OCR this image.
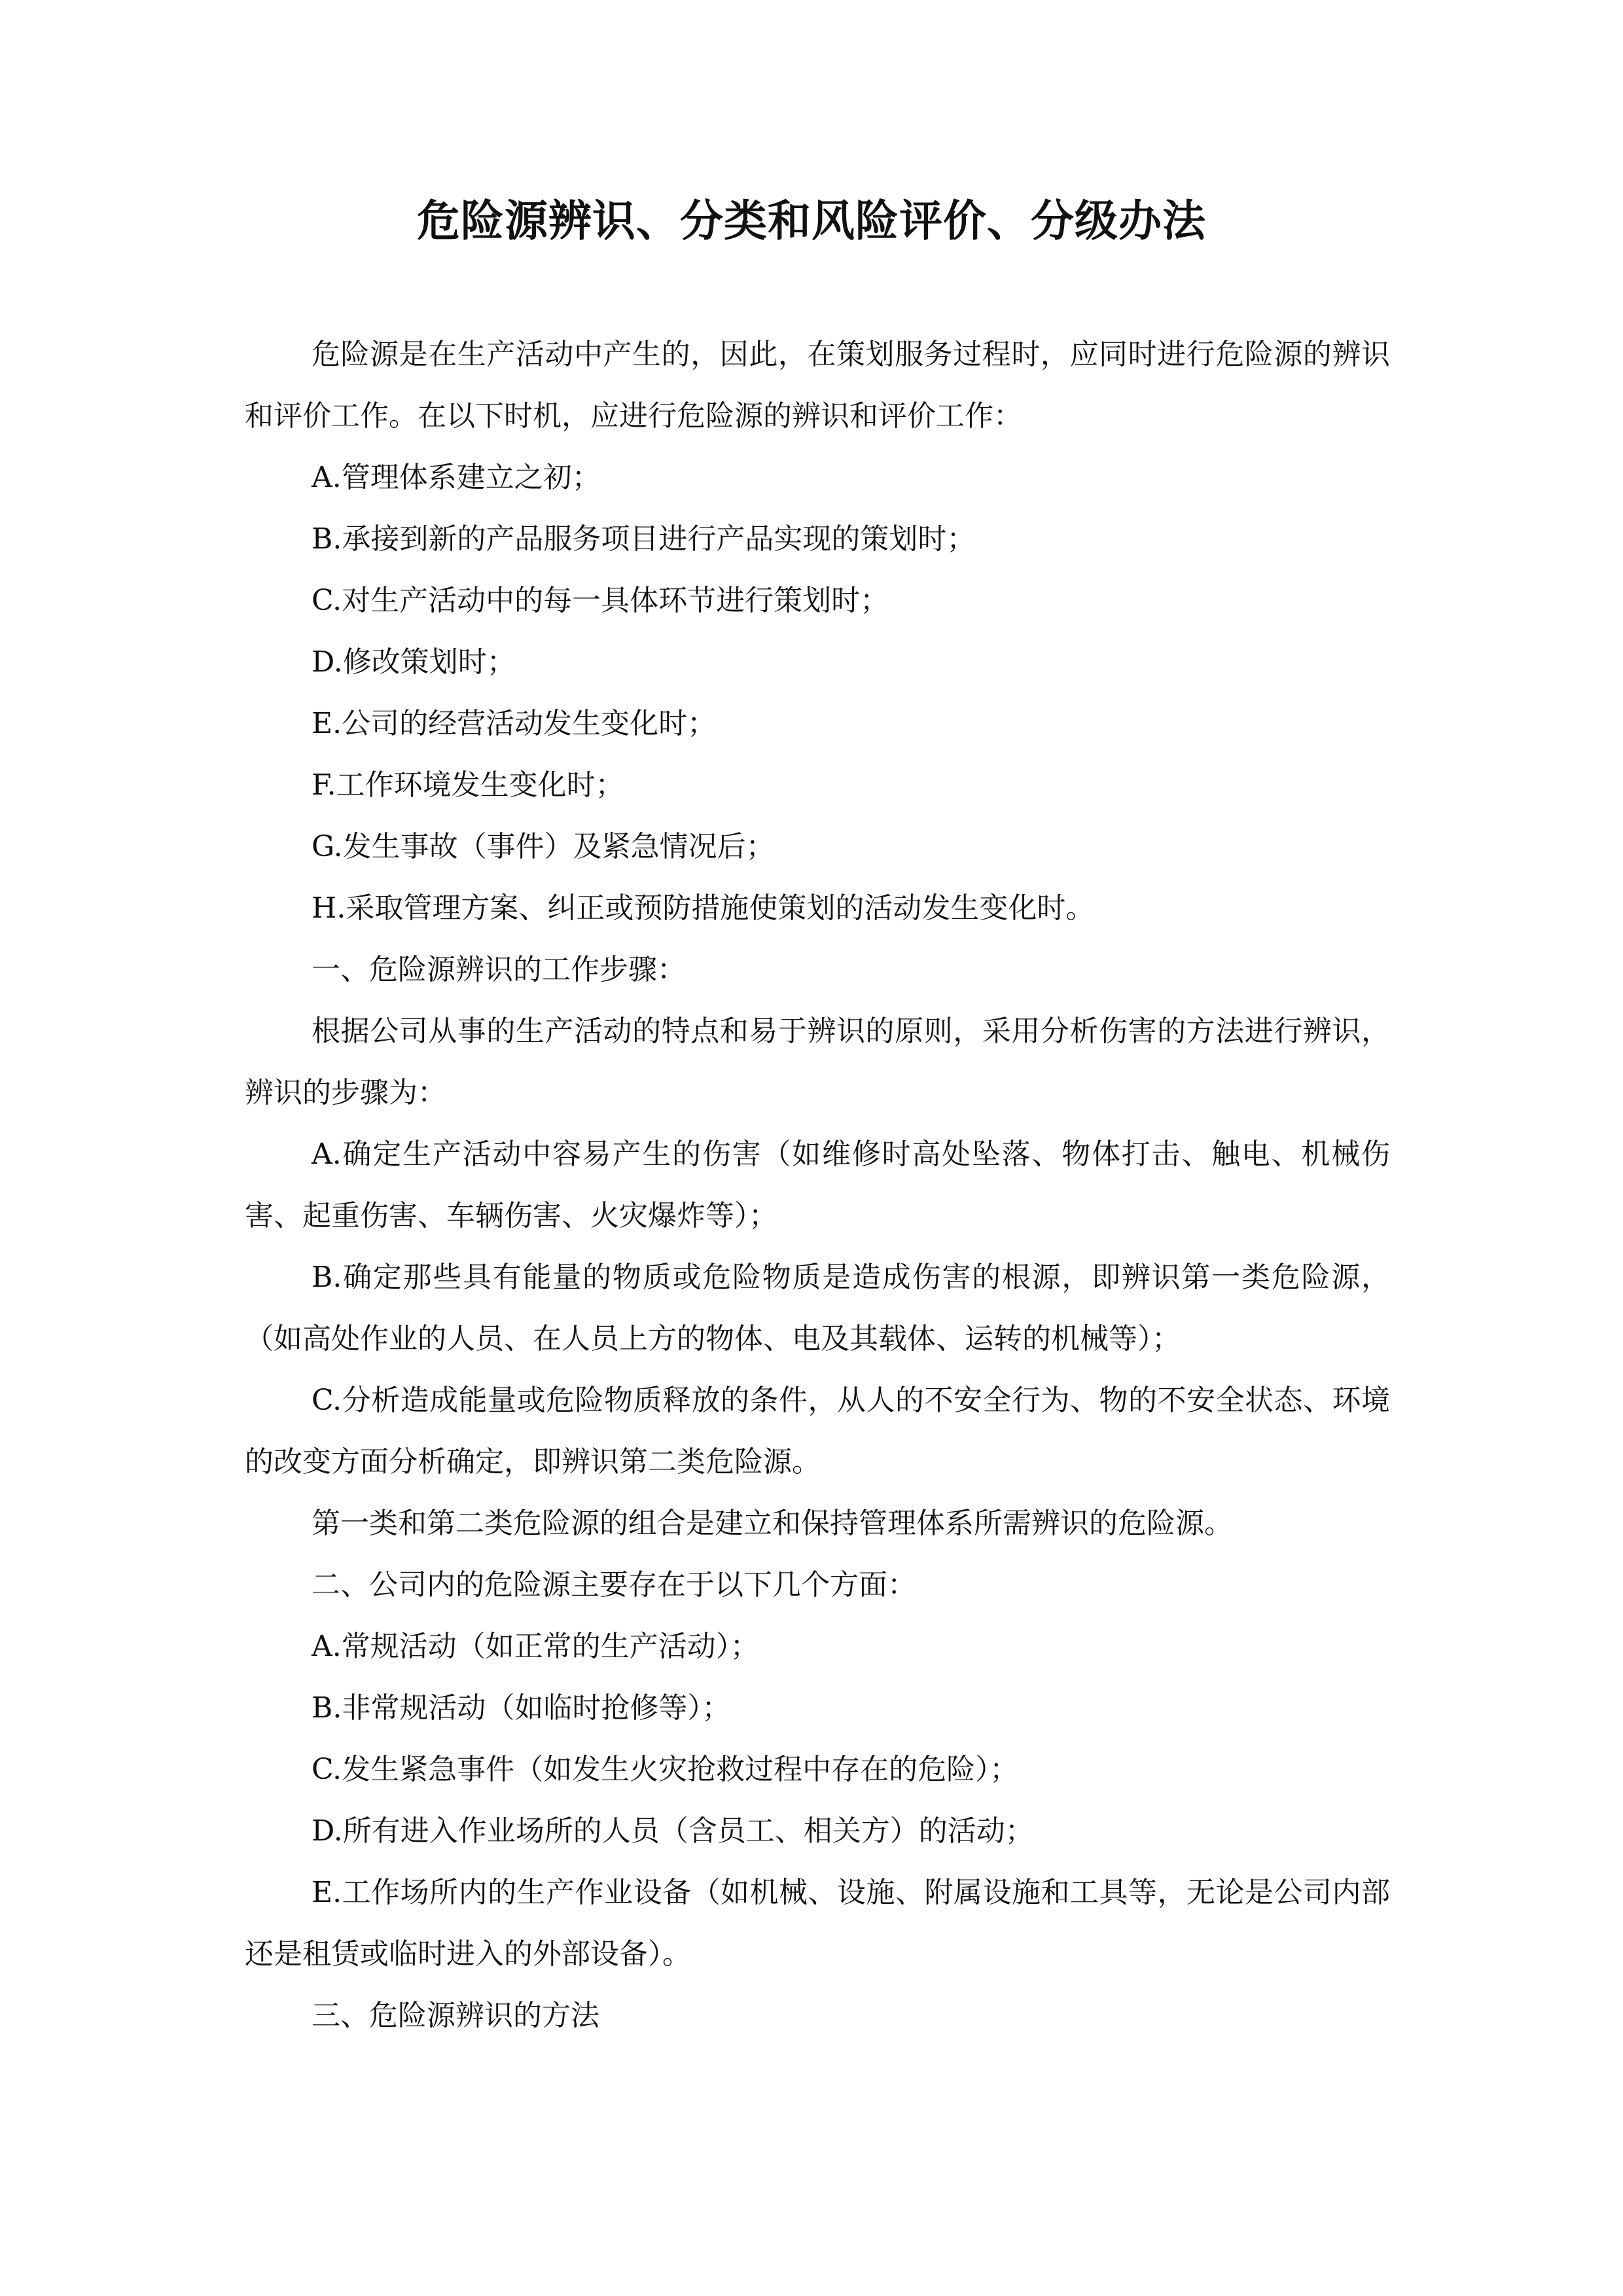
危险源辨识、分类和风险评价、分级办法

危险源是在生产活动中产生的，因此，在策划服务过程时，应同时进行危险源的辨识和评价工作。在以下时机，应进行危险源的辨识和评价工作：

A.管理体系建立之初；

B.承接到新的产品服务项目进行产品实现的策划时；

C.对生产活动中的每一具体环节进行策划时；

D.修改策划时；

E.公司的经营活动发生变化时；

F.工作环境发生变化时；

G.发生事故（事件）及紧急情况后；

H.采取管理方案、纠正或预防措施使策划的活动发生变化时。

一、危险源辨识的工作步骤：

根据公司从事的生产活动的特点和易于辨识的原则，采用分析伤害的方法进行辨识，辨识的步骤为：

A.确定生产活动中容易产生的伤害（如维修时高处坠落、物体打击、触电、机械伤害、起重伤害、车辆伤害、火灾爆炸等）；

B.确定那些具有能量的物质或危险物质是造成伤害的根源，即辨识第一类危险源，（如高处作业的人员、在人员上方的物体、电及其载体、运转的机械等）；

C.分析造成能量或危险物质释放的条件，从人的不安全行为、物的不安全状态、环境的改变方面分析确定，即辨识第二类危险源。

第一类和第二类危险源的组合是建立和保持管理体系所需辨识的危险源。

二、公司内的危险源主要存在于以下几个方面：

A.常规活动（如正常的生产活动）；

B.非常规活动（如临时抢修等）；

C.发生紧急事件（如发生火灾抢救过程中存在的危险）；

D.所有进入作业场所的人员（含员工、相关方）的活动；

E.工作场所内的生产作业设备（如机械、设施、附属设施和工具等，无论是公司内部还是租赁或临时进入的外部设备）。

三、危险源辨识的方法
